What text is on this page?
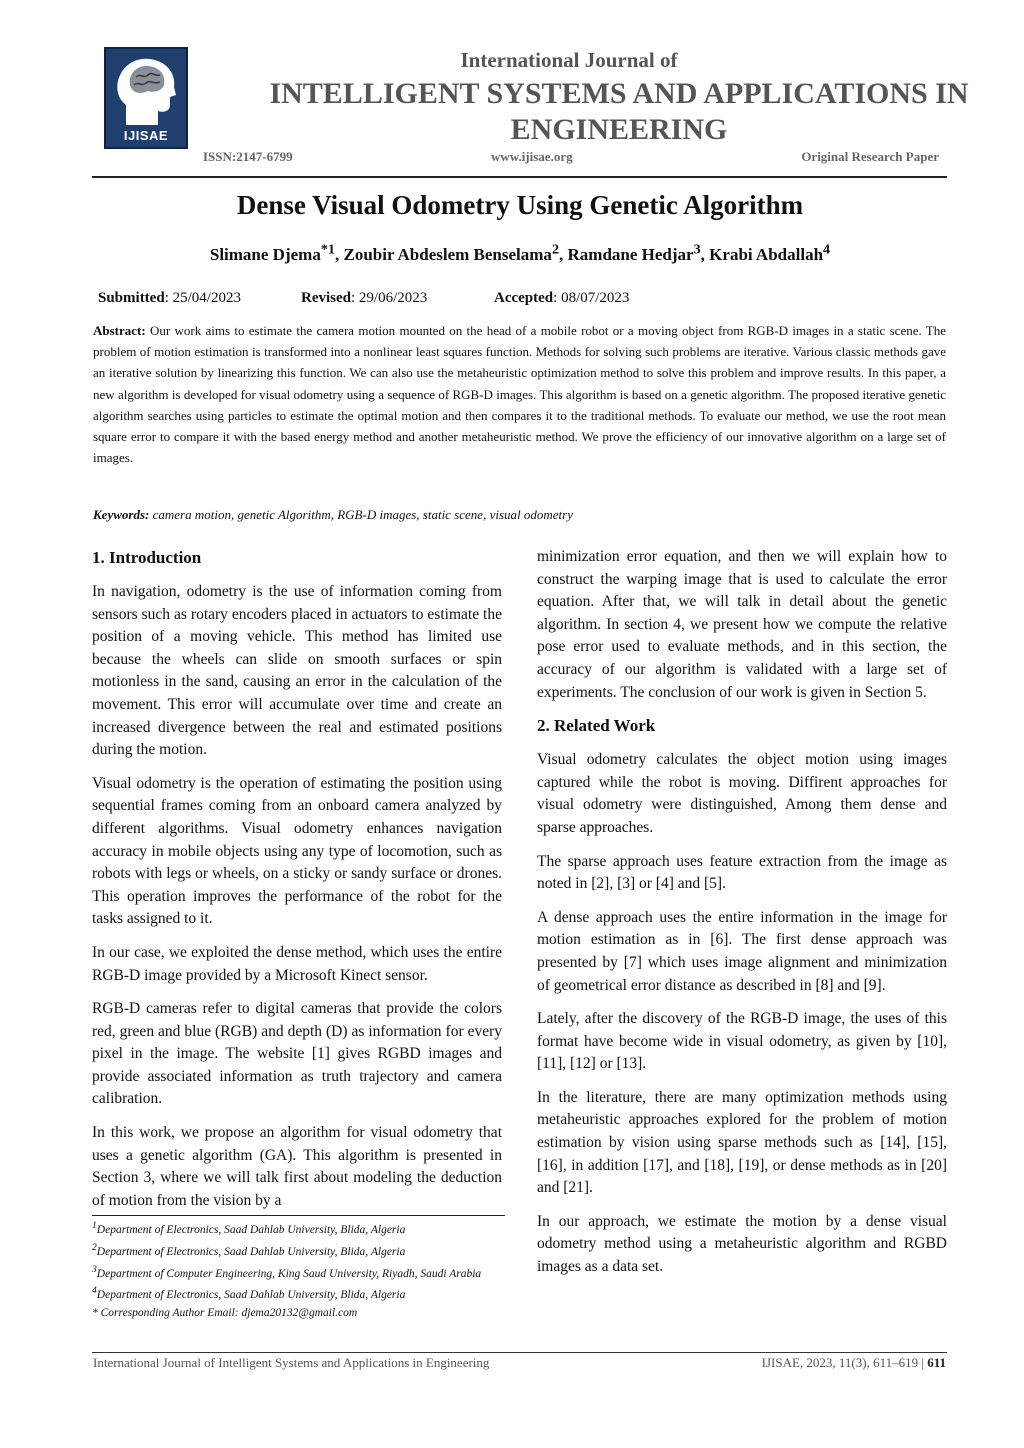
IJISAE
International Journal of
INTELLIGENT SYSTEMS AND APPLICATIONS IN ENGINEERING
ISSN:2147-6799	www.ijisae.org	Original Research Paper
Dense Visual Odometry Using Genetic Algorithm
Slimane Djema$^{*1}$, Zoubir Abdeslem Benselama$^2$, Ramdane Hedjar$^3$, Krabi Abdallah$^4$
Submitted: 25/04/2023	Revised: 29/06/2023	Accepted: 08/07/2023
Abstract: Our work aims to estimate the camera motion mounted on the head of a mobile robot or a moving object from RGB-D images in a static scene. The problem of motion estimation is transformed into a nonlinear least squares function. Methods for solving such problems are iterative. Various classic methods gave an iterative solution by linearizing this function. We can also use the metaheuristic optimization method to solve this problem and improve results. In this paper, a new algorithm is developed for visual odometry using a sequence of RGB-D images. This algorithm is based on a genetic algorithm. The proposed iterative genetic algorithm searches using particles to estimate the optimal motion and then compares it to the traditional methods. To evaluate our method, we use the root mean square error to compare it with the based energy method and another metaheuristic method. We prove the efficiency of our innovative algorithm on a large set of images.
Keywords: camera motion, genetic Algorithm, RGB-D images, static scene, visual odometry
1. Introduction

In navigation, odometry is the use of information coming from sensors such as rotary encoders placed in actuators to estimate the position of a moving vehicle. This method has limited use because the wheels can slide on smooth surfaces or spin motionless in the sand, causing an error in the calculation of the movement. This error will accumulate over time and create an increased divergence between the real and estimated positions during the motion.

Visual odometry is the operation of estimating the position using sequential frames coming from an onboard camera analyzed by different algorithms. Visual odometry enhances navigation accuracy in mobile objects using any type of locomotion, such as robots with legs or wheels, on a sticky or sandy surface or drones. This operation improves the performance of the robot for the tasks assigned to it.

In our case, we exploited the dense method, which uses the entire RGB-D image provided by a Microsoft Kinect sensor.

RGB-D cameras refer to digital cameras that provide the colors red, green and blue (RGB) and depth (D) as information for every pixel in the image. The website [1] gives RGBD images and provide associated information as truth trajectory and camera calibration.

In this work, we propose an algorithm for visual odometry that uses a genetic algorithm (GA). This algorithm is presented in Section 3, where we will talk first about modeling the deduction of motion from the vision by a

$^1$Department of Electronics, Saad Dahlab University, Blida, Algeria
$^2$Department of Electronics, Saad Dahlab University, Blida, Algeria
$^3$Department of Computer Engineering, King Saud University, Riyadh, Saudi Arabia
$^4$Department of Electronics, Saad Dahlab University, Blida, Algeria
* Corresponding Author Email: djema20132@gmail.com

minimization error equation, and then we will explain how to construct the warping image that is used to calculate the error equation. After that, we will talk in detail about the genetic algorithm. In section 4, we present how we compute the relative pose error used to evaluate methods, and in this section, the accuracy of our algorithm is validated with a large set of experiments. The conclusion of our work is given in Section 5.

2. Related Work

Visual odometry calculates the object motion using images captured while the robot is moving. Diffirent approaches for visual odometry were distinguished, Among them dense and sparse approaches.

The sparse approach uses feature extraction from the image as noted in [2], [3] or [4] and [5].

A dense approach uses the entire information in the image for motion estimation as in [6]. The first dense approach was presented by [7] which uses image alignment and minimization of geometrical error distance as described in [8] and [9].

Lately, after the discovery of the RGB-D image, the uses of this format have become wide in visual odometry, as given by [10], [11], [12] or [13].

In the literature, there are many optimization methods using metaheuristic approaches explored for the problem of motion estimation by vision using sparse methods such as [14], [15], [16], in addition [17], and [18], [19], or dense methods as in [20] and [21].

In our approach, we estimate the motion by a dense visual odometry method using a metaheuristic algorithm and RGBD images as a data set.

International Journal of Intelligent Systems and Applications in Engineering	IJISAE, 2023, 11(3), 611–619 | 611
